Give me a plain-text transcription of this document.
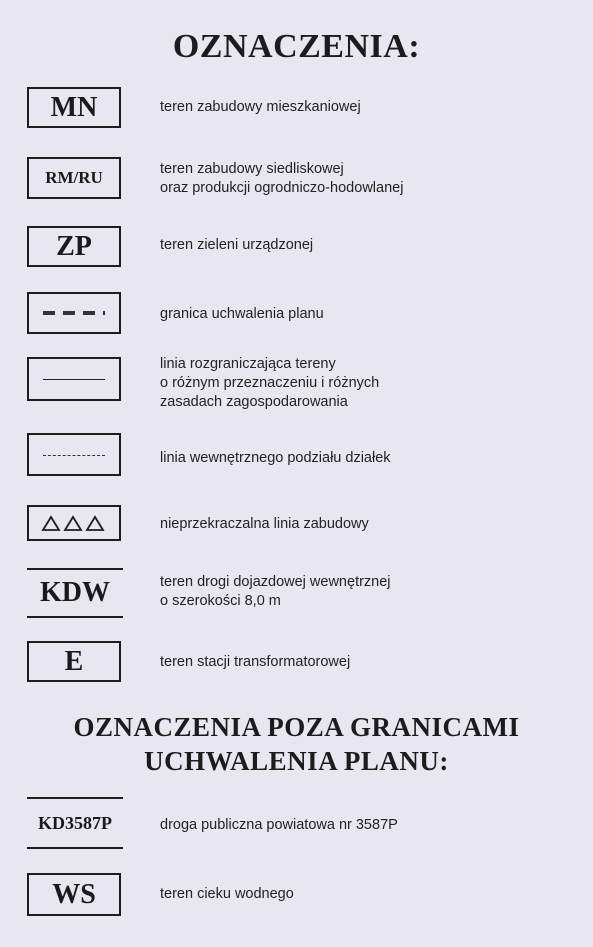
OZNACZENIA:
MN	teren zabudowy mieszkaniowej
RM/RU	teren zabudowy siedliskowej
oraz produkcji ogrodniczo-hodowlanej
ZP	teren zieleni urządzonej
granica uchwalenia planu
linia rozgraniczająca tereny
o różnym przeznaczeniu i różnych
zasadach zagospodarowania
linia wewnętrznego podziału działek
nieprzekraczalna linia zabudowy
KDW	teren drogi dojazdowej wewnętrznej
o szerokości 8,0 m
E	teren stacji transformatorowej
OZNACZENIA POZA GRANICAMI
UCHWALENIA PLANU:
KD3587P	droga publiczna powiatowa nr 3587P
WS	teren cieku wodnego
